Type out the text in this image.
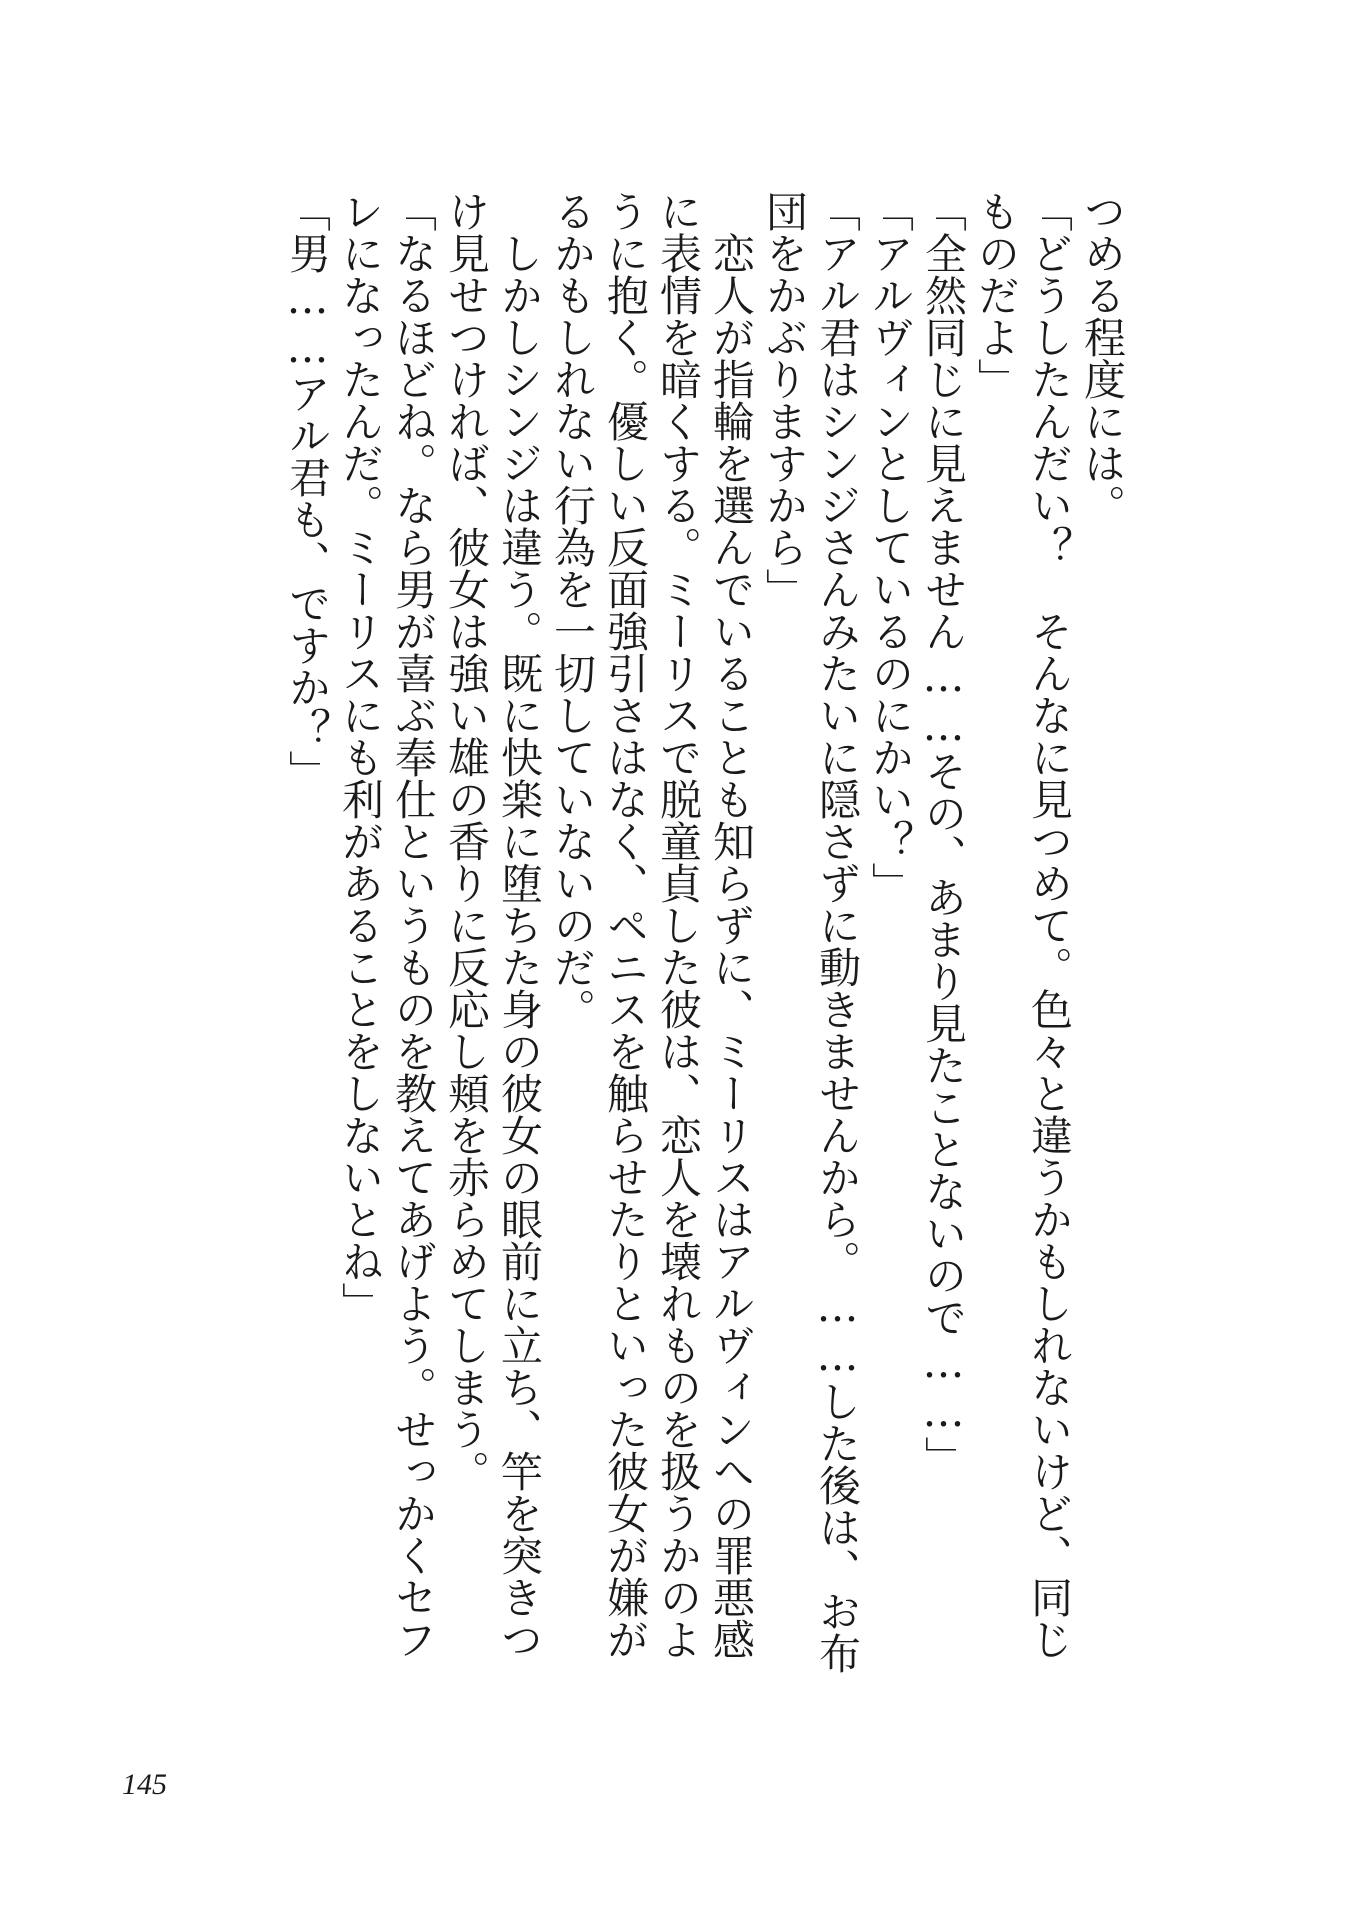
つめる程度には。
「どうしたんだい？　そんなに見つめて。色々と違うかもしれないけど、同じ
ものだよ」
「全然同じに見えません……その、あまり見たことないので……」
「アルヴィンとしているのにかい？」
「アル君はシンジさんみたいに隠さずに動きませんから。……した後は、お布
団をかぶりますから」
　恋人が指輪を選んでいることも知らずに、ミーリスはアルヴィンへの罪悪感
に表情を暗くする。ミーリスで脱童貞した彼は、恋人を壊れものを扱うかのよ
うに抱く。優しい反面強引さはなく、ペニスを触らせたりといった彼女が嫌が
るかもしれない行為を一切していないのだ。
　しかしシンジは違う。既に快楽に堕ちた身の彼女の眼前に立ち、竿を突きつ
け見せつければ、彼女は強い雄の香りに反応し頬を赤らめてしまう。
「なるほどね。なら男が喜ぶ奉仕というものを教えてあげよう。せっかくセフ
レになったんだ。ミーリスにも利があることをしないとね」
「男……アル君も、ですか？」
145
